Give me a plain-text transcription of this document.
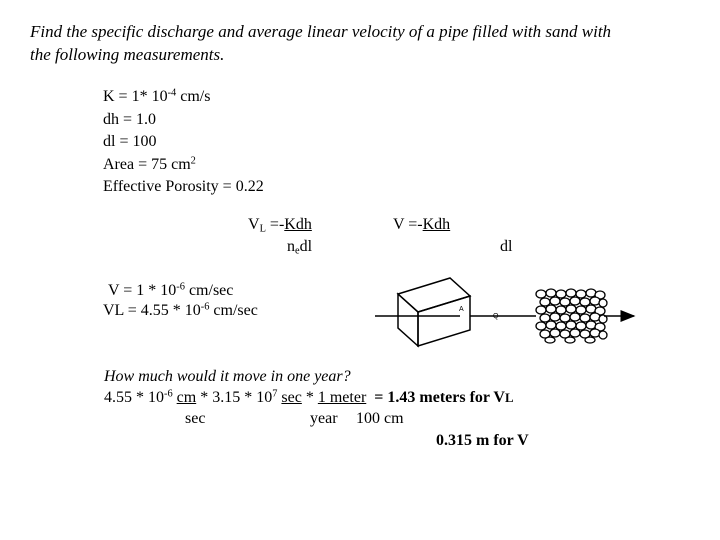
Find the specific discharge and average linear velocity of a pipe filled with sand with
the following measurements.
K = 1* $10^{-4}$ cm/s
dh = 1.0
dl = 100
Area = 75 $cm^2$
Effective Porosity = 0.22
$V_L =-Kdh$
$n_edl$
V =-Kdh
dl
$V = 1 * 10^{-6}$ cm/sec
VL = $4.55 * 10^{-6}$ cm/sec	A
Q
How much would it move in one year?
$4.55 * 10^{-6}$ cm * $3.15 * 10^7$ sec * 1 meter = 1.43 meters for VL
sec	year 100 cm
0.315 m for V
